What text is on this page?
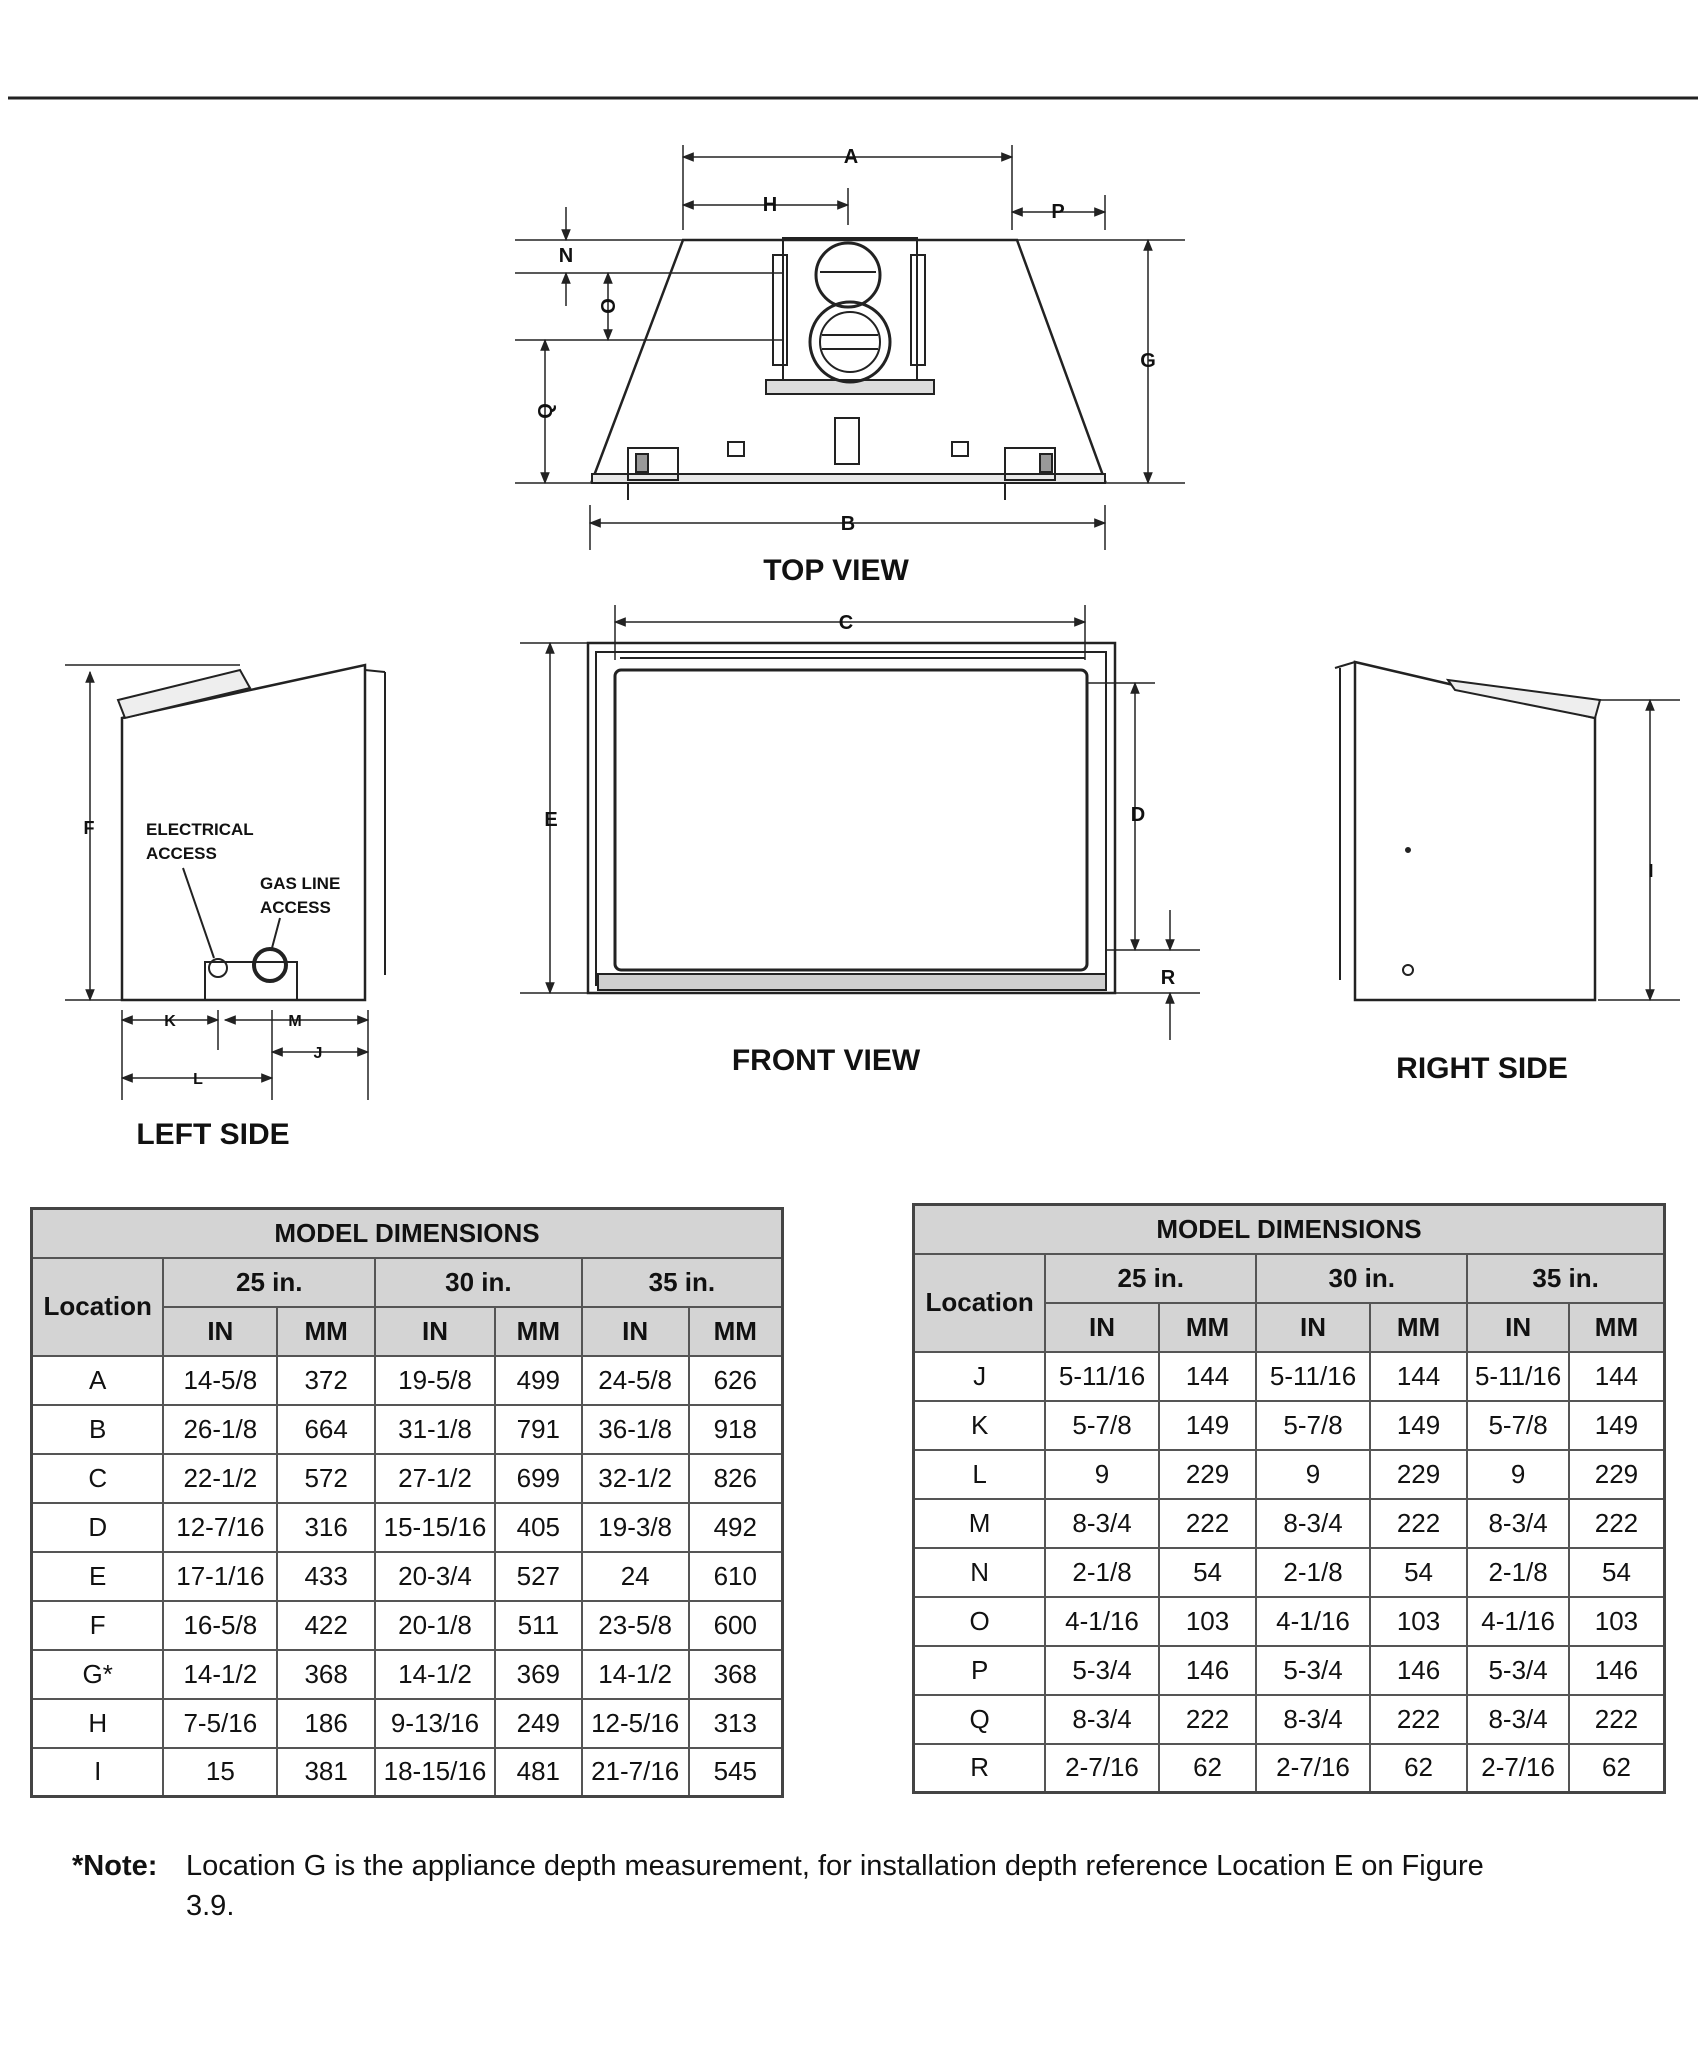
A
H	P
N
O
G
Q
B
C
E	D
R
F
I
K	M
J
L
ELECTRICAL
ACCESS
GAS LINE
ACCESS
TOP VIEW
FRONT VIEW	RIGHT SIDE
LEFT SIDE
MODEL DIMENSIONS						
Location	25 in.		30 in.		35 in.	
	IN	MM	IN	MM	IN	MM
A	14-5/8	372	19-5/8	499	24-5/8	626
B	26-1/8	664	31-1/8	791	36-1/8	918
C	22-1/2	572	27-1/2	699	32-1/2	826
D	12-7/16	316	15-15/16	405	19-3/8	492
E	17-1/16	433	20-3/4	527	24	610
F	16-5/8	422	20-1/8	511	23-5/8	600
G*	14-1/2	368	14-1/2	369	14-1/2	368
H	7-5/16	186	9-13/16	249	12-5/16	313
I	15	381	18-15/16	481	21-7/16	545
MODEL DIMENSIONS						
Location	25 in.		30 in.		35 in.	
	IN	MM	IN	MM	IN	MM
J	5-11/16	144	5-11/16	144	5-11/16	144
K	5-7/8	149	5-7/8	149	5-7/8	149
L	9	229	9	229	9	229
M	8-3/4	222	8-3/4	222	8-3/4	222
N	2-1/8	54	2-1/8	54	2-1/8	54
O	4-1/16	103	4-1/16	103	4-1/16	103
P	5-3/4	146	5-3/4	146	5-3/4	146
Q	8-3/4	222	8-3/4	222	8-3/4	222
R	2-7/16	62	2-7/16	62	2-7/16	62
*Note: Location G is the appliance depth measurement, for installation depth reference Location E on Figure 3.9.
